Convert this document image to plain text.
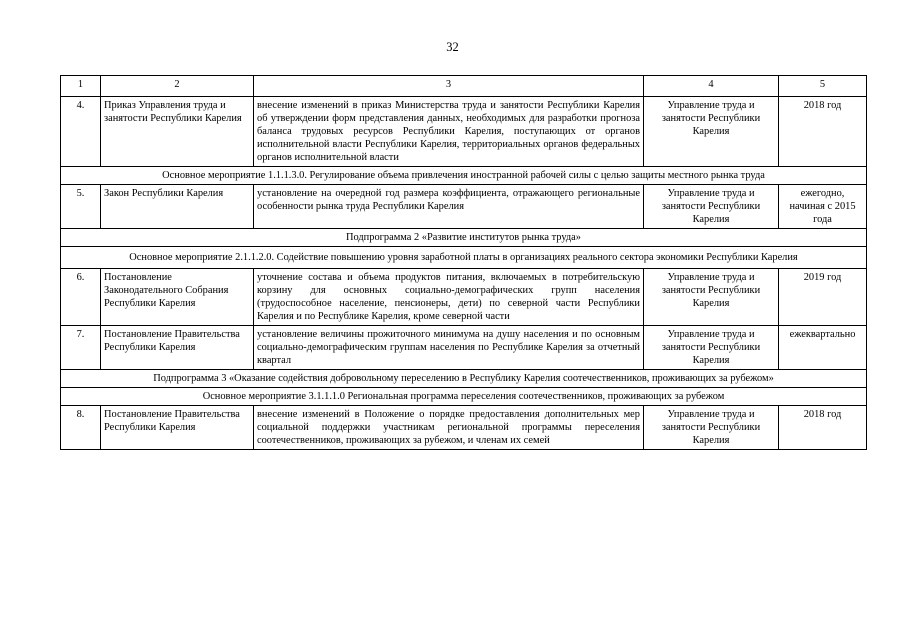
32
1	2	3	4	5
4.	Приказ Управления труда и занятости Республики Карелия	внесение изменений в приказ Министерства труда и занятости Республики Карелия об утверждении форм представления данных, необходимых для разработки прогноза баланса трудовых ресурсов Республики Карелия, поступающих от органов исполнительной власти Республики Карелия, территориальных органов федеральных органов исполнительной власти	Управление труда и занятости Республики Карелия	2018 год
Основное мероприятие 1.1.1.3.0. Регулирование объема привлечения иностранной рабочей силы с целью защиты местного рынка труда				
5.	Закон Республики Карелия	установление на очередной год размера коэффициента, отражающего региональные особенности рынка труда Республики Карелия	Управление труда и занятости Республики Карелия	ежегодно, начиная с 2015 года
Подпрограмма 2 «Развитие институтов рынка труда»				
Основное мероприятие 2.1.1.2.0. Содействие повышению уровня заработной платы в организациях реального сектора экономики Республики Карелия				
6.	Постановление Законодательного Собрания Республики Карелия	уточнение состава и объема продуктов питания, включаемых в потребительскую корзину для основных социально-демографических групп населения (трудоспособное население, пенсионеры, дети) по северной части Республики Карелия и по Республике Карелия, кроме северной части	Управление труда и занятости Республики Карелия	2019 год
7.	Постановление Правительства Республики Карелия	установление величины прожиточного минимума на душу населения и по основным социально-демографическим группам населения по Республике Карелия за отчетный квартал	Управление труда и занятости Республики Карелия	ежеквартально
Подпрограмма 3 «Оказание содействия добровольному переселению в Республику Карелия соотечественников, проживающих за рубежом»				
Основное мероприятие 3.1.1.1.0 Региональная программа переселения соотечественников, проживающих за рубежом				
8.	Постановление Правительства Республики Карелия	внесение изменений в Положение о порядке предоставления дополнительных мер социальной поддержки участникам региональной программы переселения соотечественников, проживающих за рубежом, и членам их семей	Управление труда и занятости Республики Карелия	2018 год
